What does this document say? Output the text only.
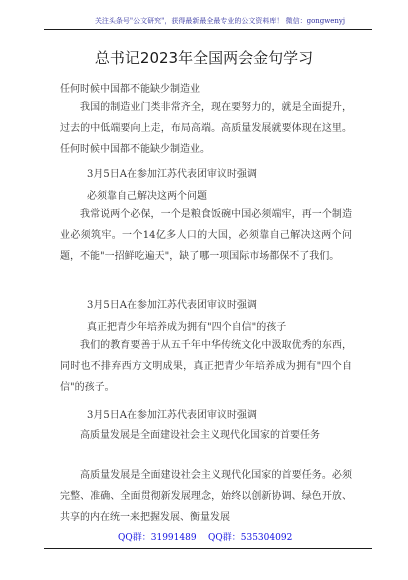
关注头条号"公文研究"，获得最新最全最专业的公文资料库！ 微信：gongwenyj
总书记2023年全国两会金句学习
任何时候中国都不能缺少制造业
我国的制造业门类非常齐全，现在要努力的，就是全面提升，过去的中低端要向上走，布局高端。高质量发展就要体现在这里。任何时候中国都不能缺少制造业。
3月5日A在参加江苏代表团审议时强调
必须靠自己解决这两个问题
我常说两个必保，一个是粮食饭碗中国必须端牢，再一个制造业必须筑牢。一个14亿多人口的大国，必须靠自己解决这两个问题，不能"一招鲜吃遍天"，缺了哪一项国际市场都保不了我们。
3月5日A在参加江苏代表团审议时强调
真正把青少年培养成为拥有"四个自信"的孩子
我们的教育要善于从五千年中华传统文化中汲取优秀的东西，同时也不排弃西方文明成果，真正把青少年培养成为拥有"四个自信"的孩子。
3月5日A在参加江苏代表团审议时强调
高质量发展是全面建设社会主义现代化国家的首要任务
高质量发展是全面建设社会主义现代化国家的首要任务。必须完整、准确、全面贯彻新发展理念，始终以创新协调、绿色开放、共享的内在统一来把握发展、衡量发展
QQ群：31991489 QQ群：535304092
